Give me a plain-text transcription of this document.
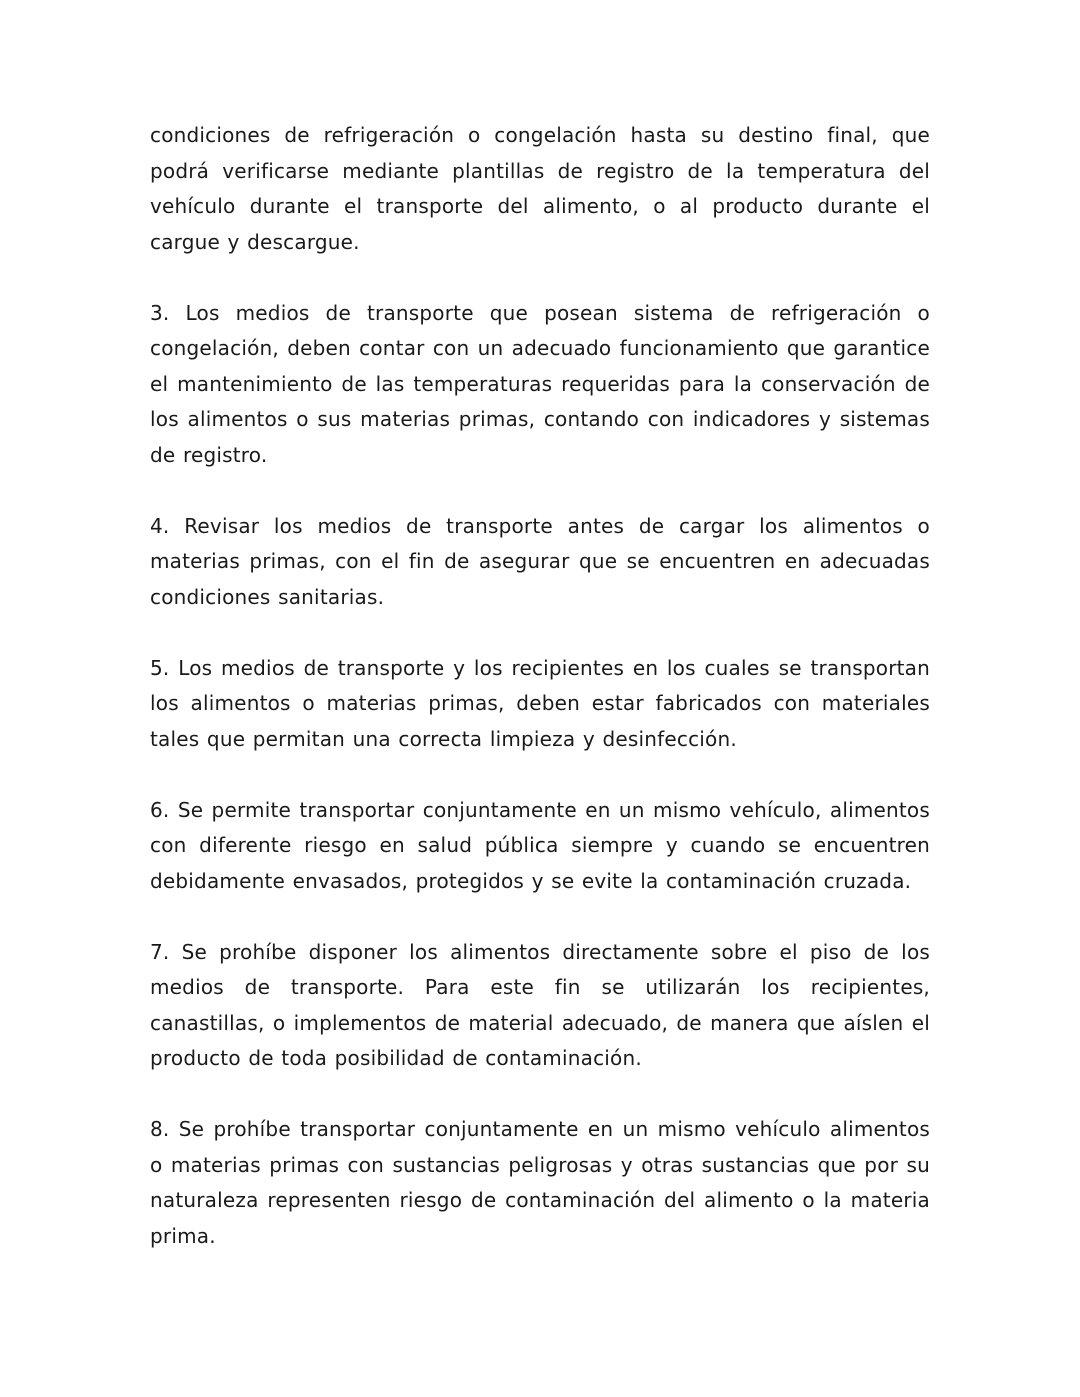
condiciones de refrigeración o congelación hasta su destino final, que podrá verificarse mediante plantillas de registro de la temperatura del vehículo durante el transporte del alimento, o al producto durante el cargue y descargue.

3. Los medios de transporte que posean sistema de refrigeración o congelación, deben contar con un adecuado funcionamiento que garantice el mantenimiento de las temperaturas requeridas para la conservación de los alimentos o sus materias primas, contando con indicadores y sistemas de registro.

4. Revisar los medios de transporte antes de cargar los alimentos o materias primas, con el fin de asegurar que se encuentren en adecuadas condiciones sanitarias.

5. Los medios de transporte y los recipientes en los cuales se transportan los alimentos o materias primas, deben estar fabricados con materiales tales que permitan una correcta limpieza y desinfección.

6. Se permite transportar conjuntamente en un mismo vehículo, alimentos con diferente riesgo en salud pública siempre y cuando se encuentren debidamente envasados, protegidos y se evite la contaminación cruzada.

7. Se prohíbe disponer los alimentos directamente sobre el piso de los medios de transporte. Para este fin se utilizarán los recipientes, canastillas, o implementos de material adecuado, de manera que aíslen el producto de toda posibilidad de contaminación.

8. Se prohíbe transportar conjuntamente en un mismo vehículo alimentos o materias primas con sustancias peligrosas y otras sustancias que por su naturaleza representen riesgo de contaminación del alimento o la materia prima.
